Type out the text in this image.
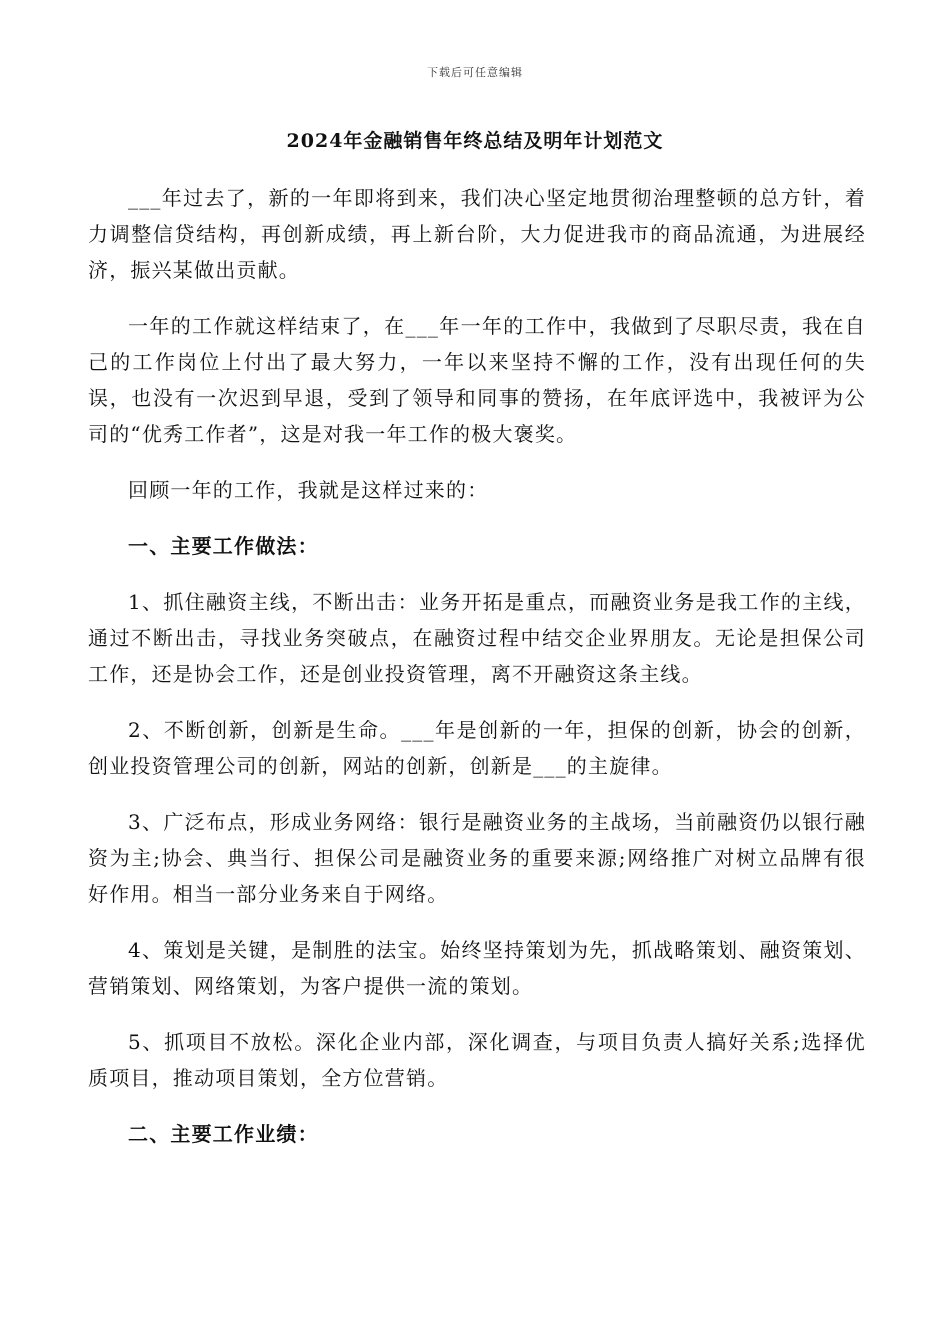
下载后可任意编辑
2024年金融销售年终总结及明年计划范文

___年过去了，新的一年即将到来，我们决心坚定地贯彻治理整顿的总方针，着力调整信贷结构，再创新成绩，再上新台阶，大力促进我市的商品流通，为进展经济，振兴某做出贡献。

一年的工作就这样结束了，在___年一年的工作中，我做到了尽职尽责，我在自己的工作岗位上付出了最大努力，一年以来坚持不懈的工作，没有出现任何的失误，也没有一次迟到早退，受到了领导和同事的赞扬，在年底评选中，我被评为公司的“优秀工作者”，这是对我一年工作的极大褒奖。

回顾一年的工作，我就是这样过来的：

一、主要工作做法：

1、抓住融资主线，不断出击：业务开拓是重点，而融资业务是我工作的主线，通过不断出击，寻找业务突破点，在融资过程中结交企业界朋友。无论是担保公司工作，还是协会工作，还是创业投资管理，离不开融资这条主线。

2、不断创新，创新是生命。___年是创新的一年，担保的创新，协会的创新，创业投资管理公司的创新，网站的创新，创新是___的主旋律。

3、广泛布点，形成业务网络：银行是融资业务的主战场，当前融资仍以银行融资为主;协会、典当行、担保公司是融资业务的重要来源;网络推广对树立品牌有很好作用。相当一部分业务来自于网络。

4、策划是关键，是制胜的法宝。始终坚持策划为先，抓战略策划、融资策划、营销策划、网络策划，为客户提供一流的策划。

5、抓项目不放松。深化企业内部，深化调查，与项目负责人搞好关系;选择优质项目，推动项目策划，全方位营销。

二、主要工作业绩：
